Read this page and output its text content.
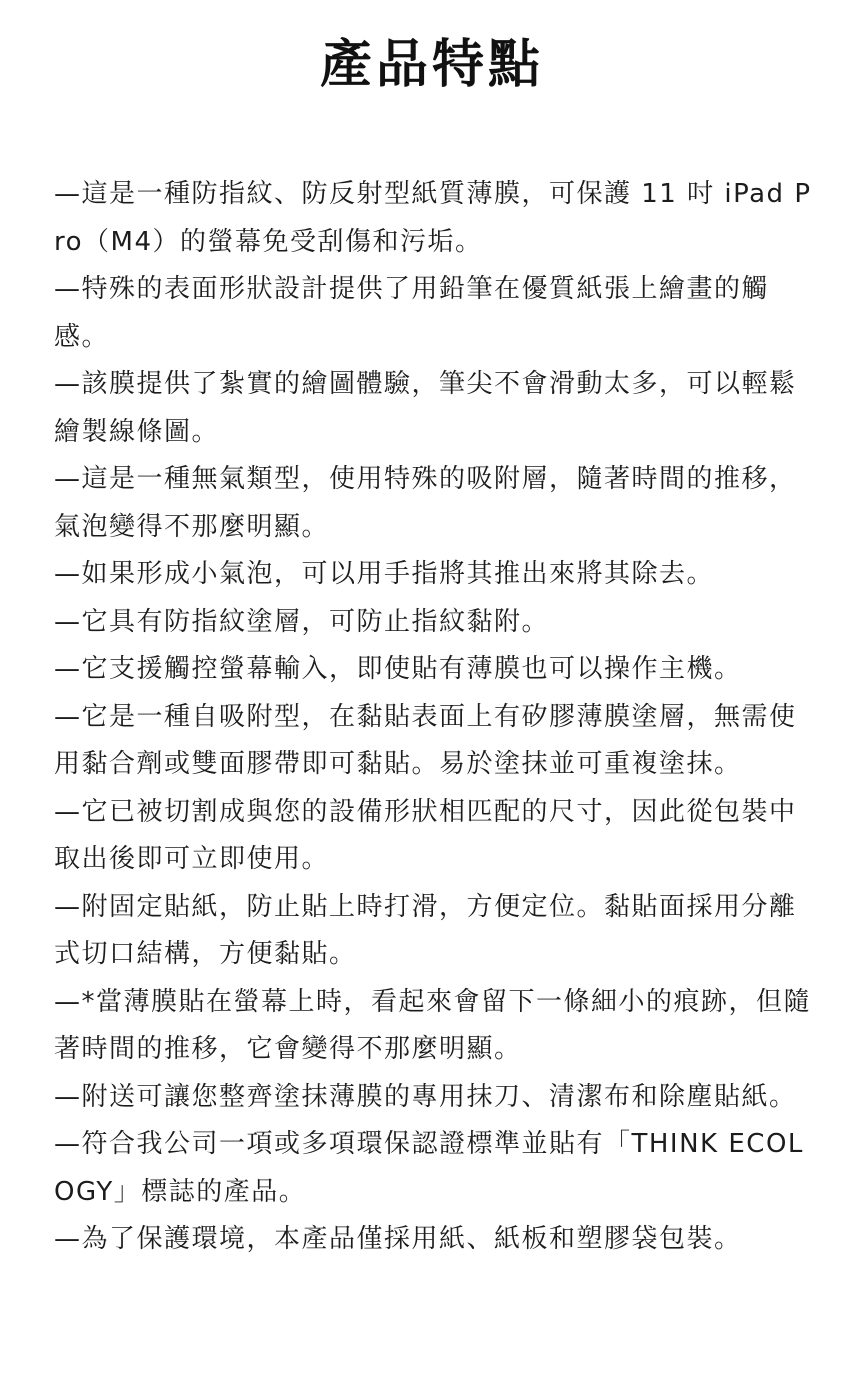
產品特點
—這是一種防指紋、防反射型紙質薄膜，可保護 11 吋 iPad Pro（M4）的螢幕免受刮傷和污垢。
—特殊的表面形狀設計提供了用鉛筆在優質紙張上繪畫的觸感。
—該膜提供了紮實的繪圖體驗，筆尖不會滑動太多，可以輕鬆繪製線條圖。
—這是一種無氣類型，使用特殊的吸附層，隨著時間的推移，氣泡變得不那麼明顯。
—如果形成小氣泡，可以用手指將其推出來將其除去。
—它具有防指紋塗層，可防止指紋黏附。
—它支援觸控螢幕輸入，即使貼有薄膜也可以操作主機。
—它是一種自吸附型，在黏貼表面上有矽膠薄膜塗層，無需使用黏合劑或雙面膠帶即可黏貼。易於塗抹並可重複塗抹。
—它已被切割成與您的設備形狀相匹配的尺寸，因此從包裝中取出後即可立即使用。
—附固定貼紙，防止貼上時打滑，方便定位。黏貼面採用分離式切口結構，方便黏貼。
—*當薄膜貼在螢幕上時，看起來會留下一條細小的痕跡，但隨著時間的推移，它會變得不那麼明顯。
—附送可讓您整齊塗抹薄膜的專用抹刀、清潔布和除塵貼紙。
—符合我公司一項或多項環保認證標準並貼有「THINK ECOLOGY」標誌的產品。
—為了保護環境，本產品僅採用紙、紙板和塑膠袋包裝。
